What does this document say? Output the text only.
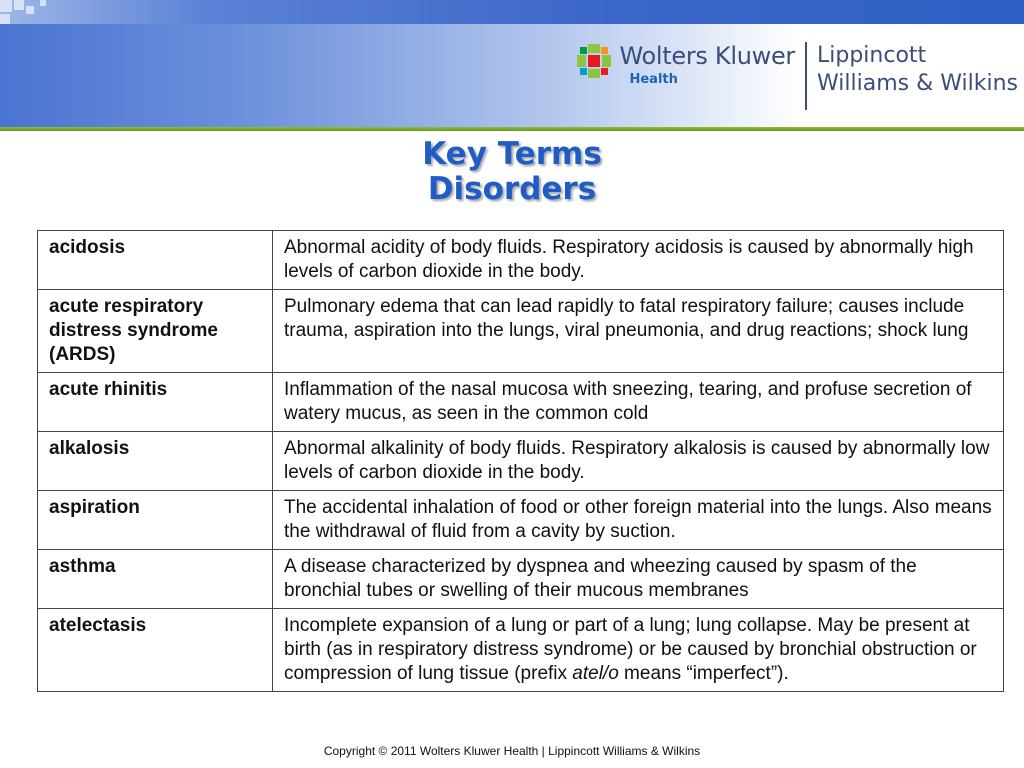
Wolters Kluwer
Health
Lippincott
Williams & Wilkins
Key Terms
Disorders
acidosis	Abnormal acidity of body fluids. Respiratory acidosis is caused by abnormally high levels of carbon dioxide in the body.
acute respiratory distress syndrome (ARDS)	Pulmonary edema that can lead rapidly to fatal respiratory failure; causes include trauma, aspiration into the lungs, viral pneumonia, and drug reactions; shock lung
acute rhinitis	Inflammation of the nasal mucosa with sneezing, tearing, and profuse secretion of watery mucus, as seen in the common cold
alkalosis	Abnormal alkalinity of body fluids. Respiratory alkalosis is caused by abnormally low levels of carbon dioxide in the body.
aspiration	The accidental inhalation of food or other foreign material into the lungs. Also means the withdrawal of fluid from a cavity by suction.
asthma	A disease characterized by dyspnea and wheezing caused by spasm of the bronchial tubes or swelling of their mucous membranes
atelectasis	Incomplete expansion of a lung or part of a lung; lung collapse. May be present at birth (as in respiratory distress syndrome) or be caused by bronchial obstruction or compression of lung tissue (prefix atel/o means “imperfect”).
Copyright © 2011 Wolters Kluwer Health | Lippincott Williams & Wilkins
